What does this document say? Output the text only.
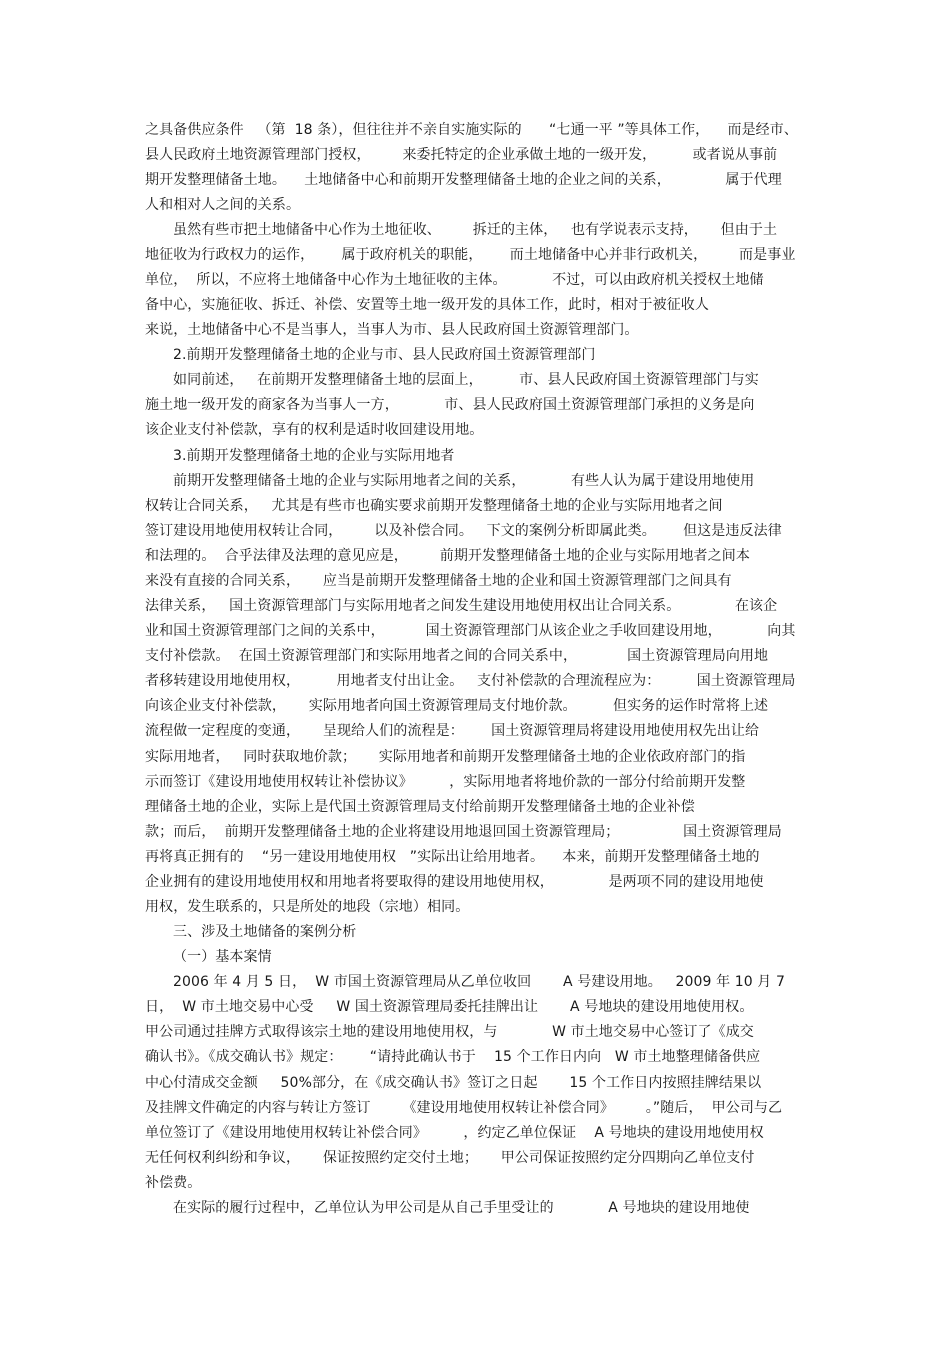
之具备供应条件   （第  18 条），但往往并不亲自实施实际的      “七通一平 ”等具体工作，    而是经市、
县人民政府土地资源管理部门授权，       来委托特定的企业承做土地的一级开发，        或者说从事前
期开发整理储备土地。    土地储备中心和前期开发整理储备土地的企业之间的关系，            属于代理
人和相对人之间的关系。
虽然有些市把土地储备中心作为土地征收、       拆迁的主体，   也有学说表示支持，     但由于土
地征收为行政权力的运作，      属于政府机关的职能，      而土地储备中心并非行政机关，       而是事业
单位，  所以，不应将土地储备中心作为土地征收的主体。          不过，可以由政府机关授权土地储
备中心，实施征收、拆迁、补偿、安置等土地一级开发的具体工作，此时，相对于被征收人
来说，土地储备中心不是当事人，当事人为市、县人民政府国土资源管理部门。
2.前期开发整理储备土地的企业与市、县人民政府国土资源管理部门
如同前述，   在前期开发整理储备土地的层面上，        市、县人民政府国土资源管理部门与实
施土地一级开发的商家各为当事人一方，          市、县人民政府国土资源管理部门承担的义务是向
该企业支付补偿款，享有的权利是适时收回建设用地。
3.前期开发整理储备土地的企业与实际用地者
前期开发整理储备土地的企业与实际用地者之间的关系，          有些人认为属于建设用地使用
权转让合同关系，   尤其是有些市也确实要求前期开发整理储备土地的企业与实际用地者之间
签订建设用地使用权转让合同，       以及补偿合同。   下文的案例分析即属此类。      但这是违反法律
和法理的。  合乎法律及法理的意见应是，       前期开发整理储备土地的企业与实际用地者之间本
来没有直接的合同关系，     应当是前期开发整理储备土地的企业和国土资源管理部门之间具有
法律关系，   国土资源管理部门与实际用地者之间发生建设用地使用权出让合同关系。            在该企
业和国土资源管理部门之间的关系中，         国土资源管理部门从该企业之手收回建设用地，          向其
支付补偿款。  在国土资源管理部门和实际用地者之间的合同关系中，           国土资源管理局向用地
者移转建设用地使用权，        用地者支付出让金。   支付补偿款的合理流程应为：        国土资源管理局
向该企业支付补偿款，     实际用地者向国土资源管理局支付地价款。        但实务的运作时常将上述
流程做一定程度的变通，     呈现给人们的流程是：      国土资源管理局将建设用地使用权先出让给
实际用地者，   同时获取地价款；     实际用地者和前期开发整理储备土地的企业依政府部门的指
示而签订《建设用地使用权转让补偿协议》        ，实际用地者将地价款的一部分付给前期开发整
理储备土地的企业，实际上是代国土资源管理局支付给前期开发整理储备土地的企业补偿
款；而后，  前期开发整理储备土地的企业将建设用地退回国土资源管理局；              国土资源管理局
再将真正拥有的    “另一建设用地使用权   ”实际出让给用地者。    本来，前期开发整理储备土地的
企业拥有的建设用地使用权和用地者将要取得的建设用地使用权，            是两项不同的建设用地使
用权，发生联系的，只是所处的地段（宗地）相同。
三、涉及土地储备的案例分析
（一）基本案情
2006 年 4 月 5 日，  W 市国土资源管理局从乙单位收回       A 号建设用地。   2009 年 10 月 7
日，  W 市土地交易中心受     W 国土资源管理局委托挂牌出让       A 号地块的建设用地使用权。
甲公司通过挂牌方式取得该宗土地的建设用地使用权，与            W 市土地交易中心签订了《成交
确认书》。《成交确认书》规定：      “请持此确认书于    15 个工作日内向   W 市土地整理储备供应
中心付清成交金额     50%部分，在《成交确认书》签订之日起       15 个工作日内按照挂牌结果以
及挂牌文件确定的内容与转让方签订       《建设用地使用权转让补偿合同》       。”随后，  甲公司与乙
单位签订了《建设用地使用权转让补偿合同》        ，约定乙单位保证    A 号地块的建设用地使用权
无任何权利纠纷和争议，     保证按照约定交付土地；     甲公司保证按照约定分四期向乙单位支付
补偿费。
在实际的履行过程中，乙单位认为甲公司是从自己手里受让的            A 号地块的建设用地使
